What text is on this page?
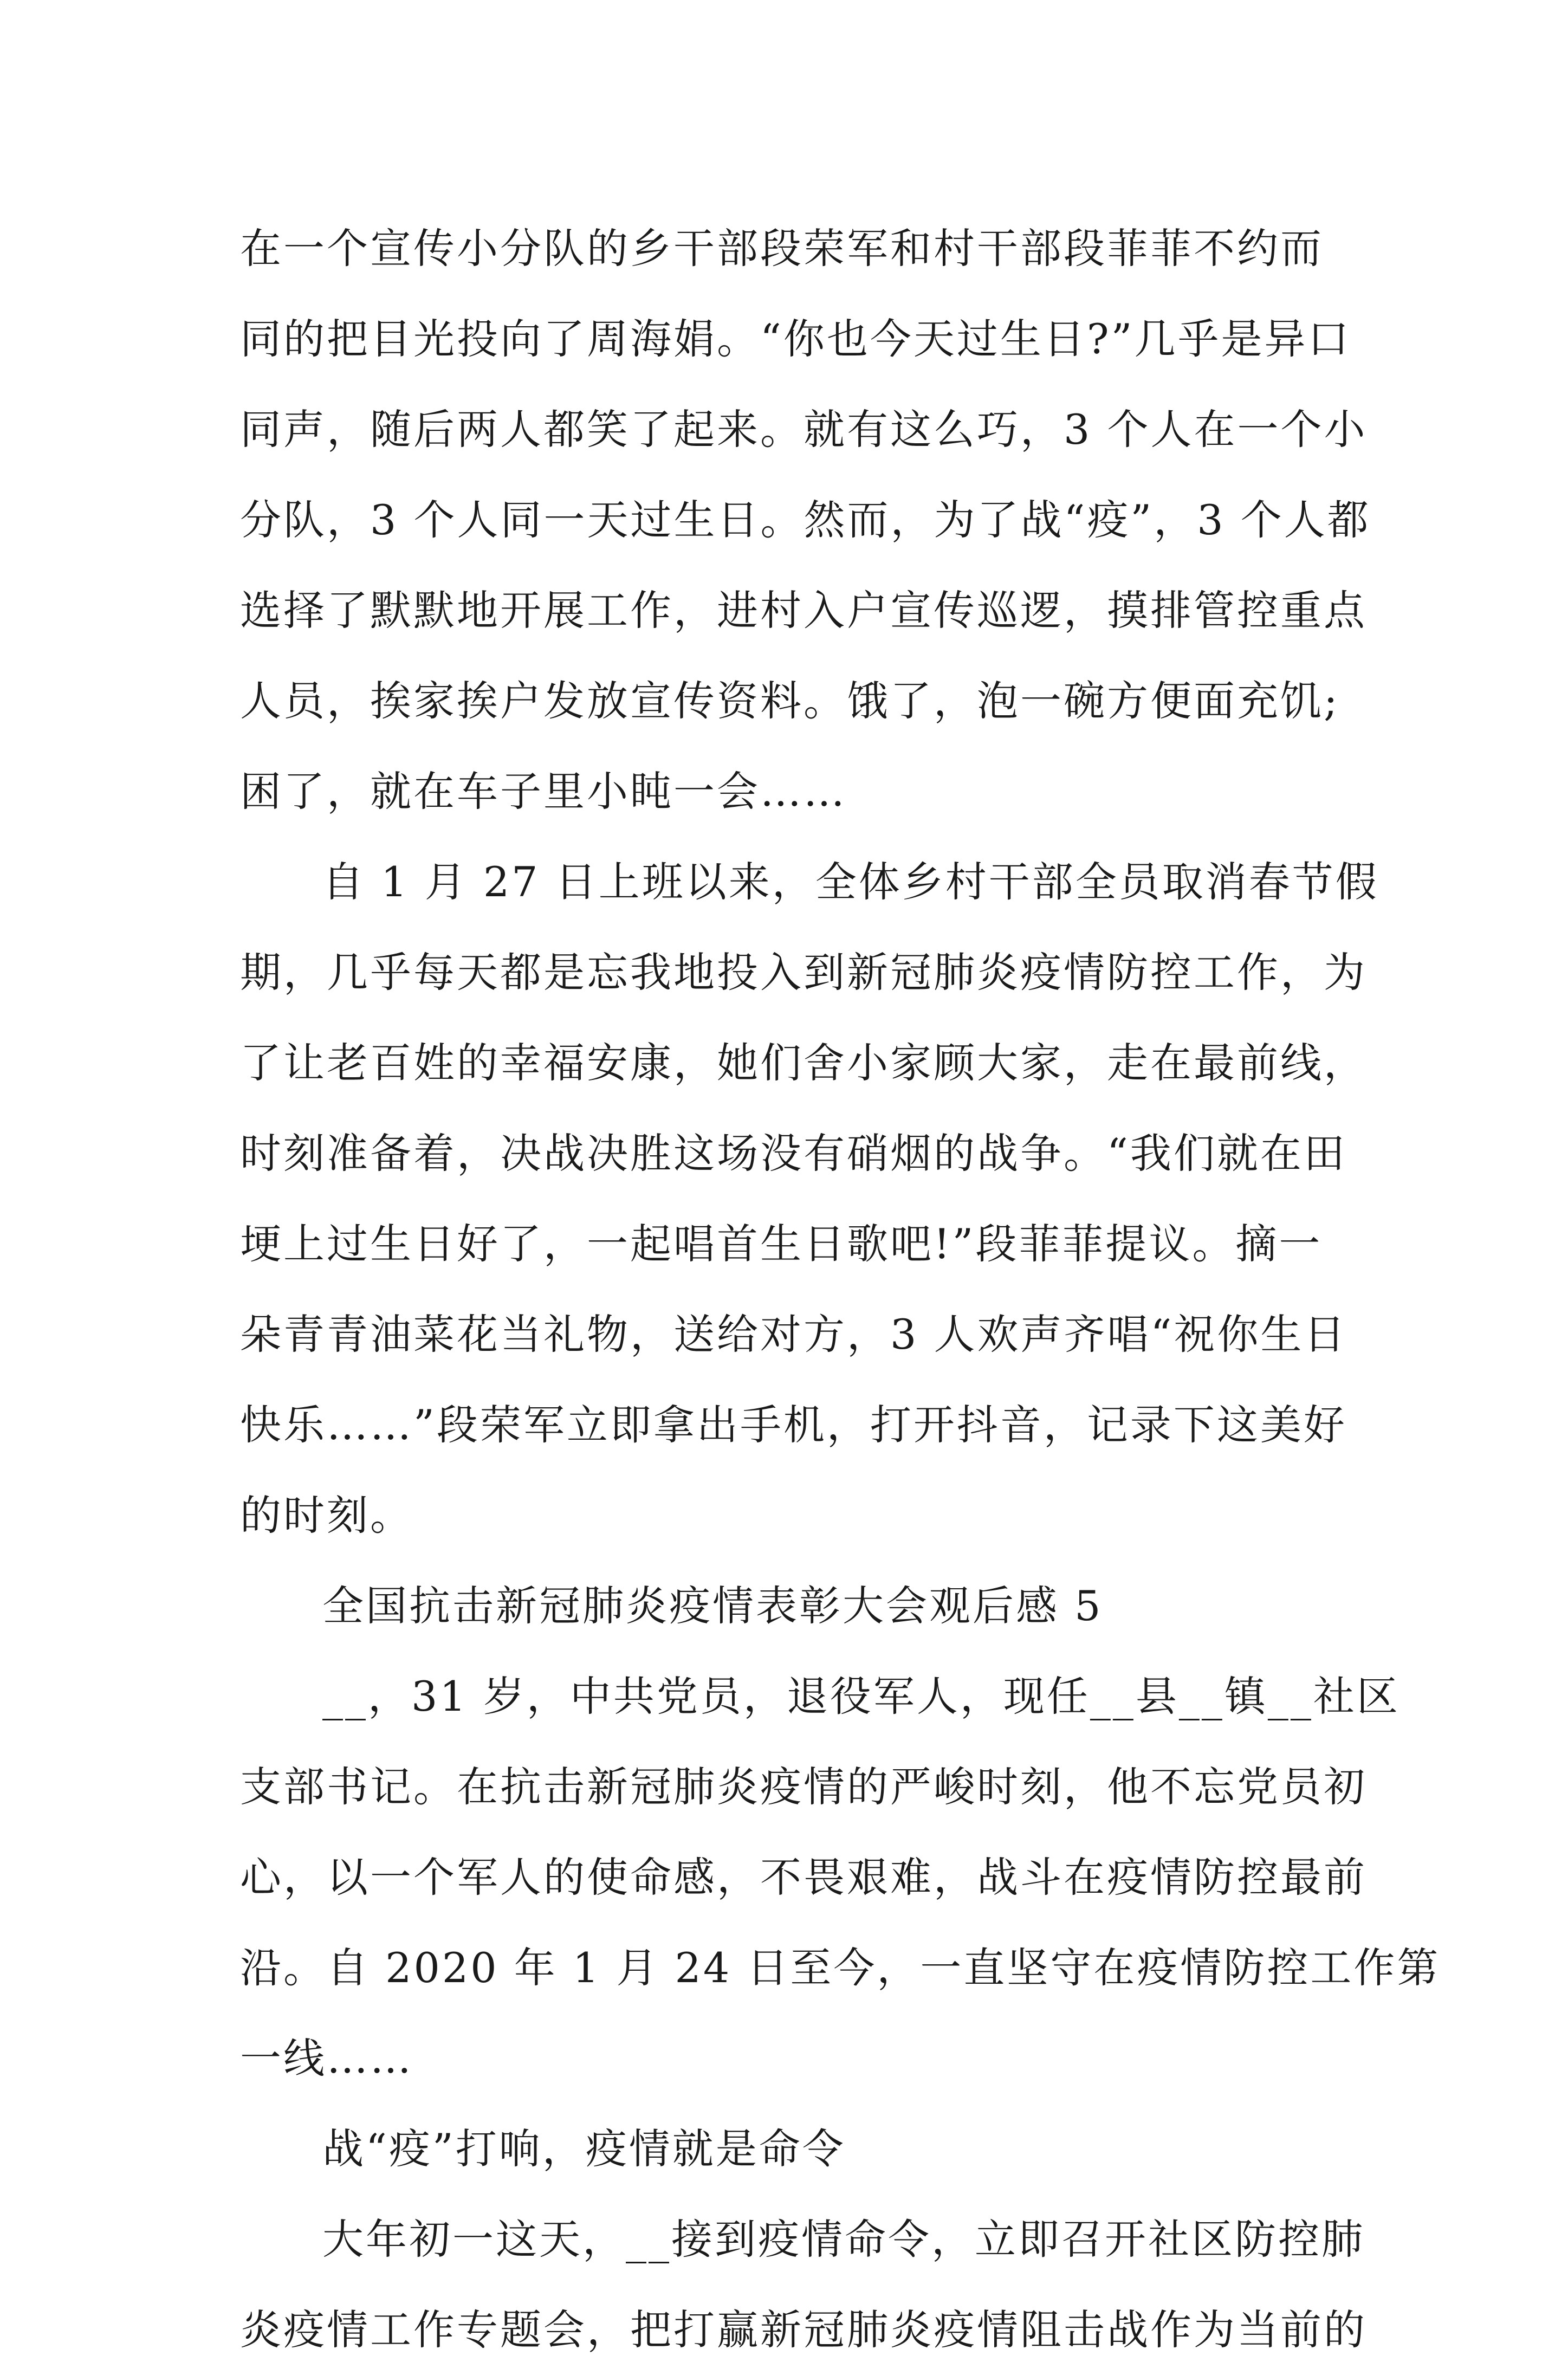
在一个宣传小分队的乡干部段荣军和村干部段菲菲不约而
同的把目光投向了周海娟。“你也今天过生日?”几乎是异口
同声，随后两人都笑了起来。就有这么巧，3 个人在一个小
分队，3 个人同一天过生日。然而，为了战“疫”，3 个人都
选择了默默地开展工作，进村入户宣传巡逻，摸排管控重点
人员，挨家挨户发放宣传资料。饿了，泡一碗方便面充饥;
困了，就在车子里小盹一会……
自 1 月 27 日上班以来，全体乡村干部全员取消春节假
期，几乎每天都是忘我地投入到新冠肺炎疫情防控工作，为
了让老百姓的幸福安康，她们舍小家顾大家，走在最前线，
时刻准备着，决战决胜这场没有硝烟的战争。“我们就在田
埂上过生日好了，一起唱首生日歌吧!”段菲菲提议。摘一
朵青青油菜花当礼物，送给对方，3 人欢声齐唱“祝你生日
快乐……”段荣军立即拿出手机，打开抖音，记录下这美好
的时刻。
全国抗击新冠肺炎疫情表彰大会观后感 5
__，31 岁，中共党员，退役军人，现任__县__镇__社区
支部书记。在抗击新冠肺炎疫情的严峻时刻，他不忘党员初
心，以一个军人的使命感，不畏艰难，战斗在疫情防控最前
沿。自 2020 年 1 月 24 日至今，一直坚守在疫情防控工作第
一线……
战“疫”打响，疫情就是命令
大年初一这天，__接到疫情命令，立即召开社区防控肺
炎疫情工作专题会，把打赢新冠肺炎疫情阻击战作为当前的
